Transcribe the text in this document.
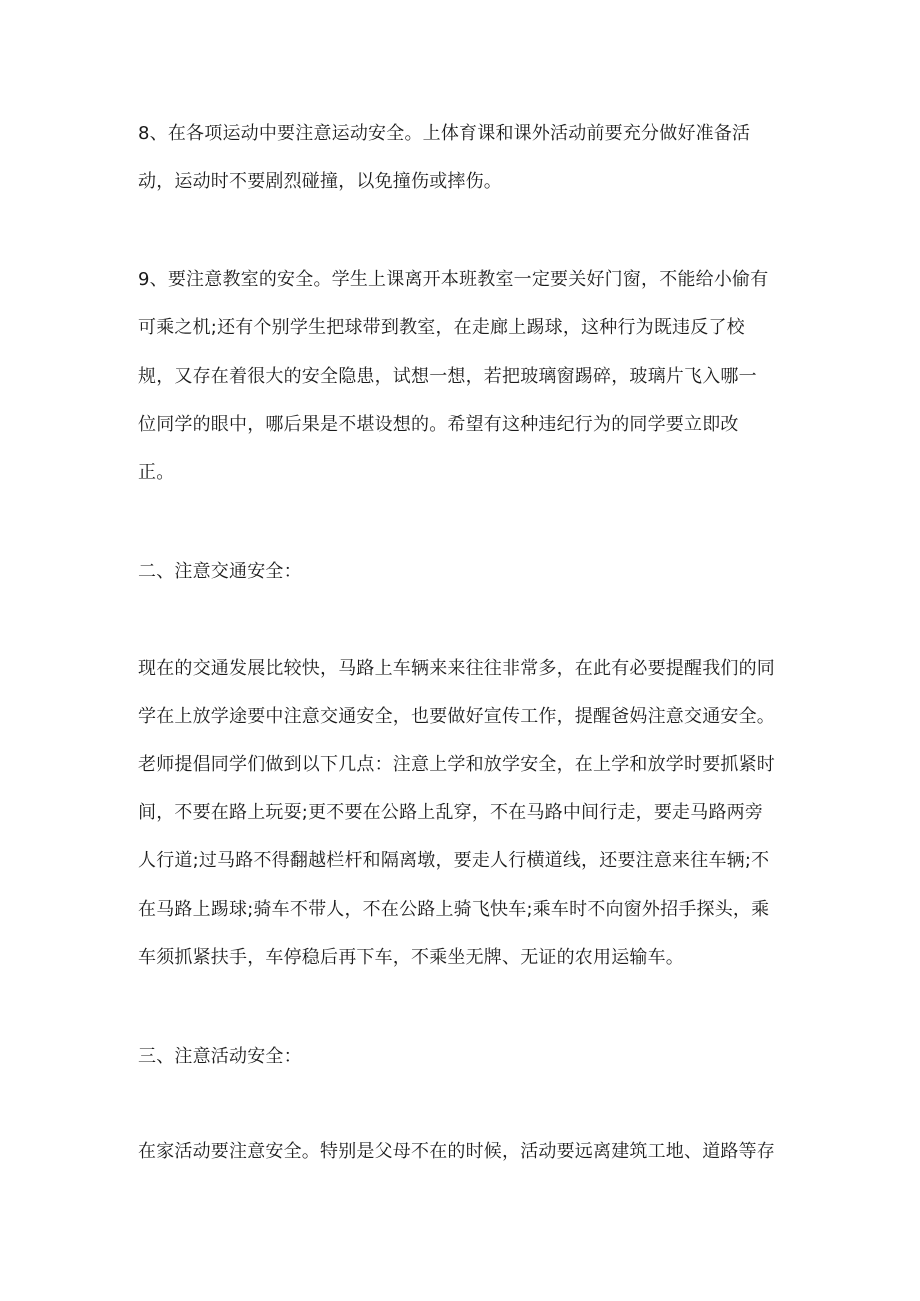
8、在各项运动中要注意运动安全。上体育课和课外活动前要充分做好准备活
动，运动时不要剧烈碰撞，以免撞伤或摔伤。
9、要注意教室的安全。学生上课离开本班教室一定要关好门窗，不能给小偷有
可乘之机;还有个别学生把球带到教室，在走廊上踢球，这种行为既违反了校
规，又存在着很大的安全隐患，试想一想，若把玻璃窗踢碎，玻璃片飞入哪一
位同学的眼中，哪后果是不堪设想的。希望有这种违纪行为的同学要立即改
正。
二、注意交通安全：
现在的交通发展比较快，马路上车辆来来往往非常多，在此有必要提醒我们的同
学在上放学途要中注意交通安全，也要做好宣传工作，提醒爸妈注意交通安全。
老师提倡同学们做到以下几点：注意上学和放学安全，在上学和放学时要抓紧时
间，不要在路上玩耍;更不要在公路上乱穿，不在马路中间行走，要走马路两旁
人行道;过马路不得翻越栏杆和隔离墩，要走人行横道线，还要注意来往车辆;不
在马路上踢球;骑车不带人，不在公路上骑飞快车;乘车时不向窗外招手探头，乘
车须抓紧扶手，车停稳后再下车，不乘坐无牌、无证的农用运输车。
三、注意活动安全：
在家活动要注意安全。特别是父母不在的时候，活动要远离建筑工地、道路等存
